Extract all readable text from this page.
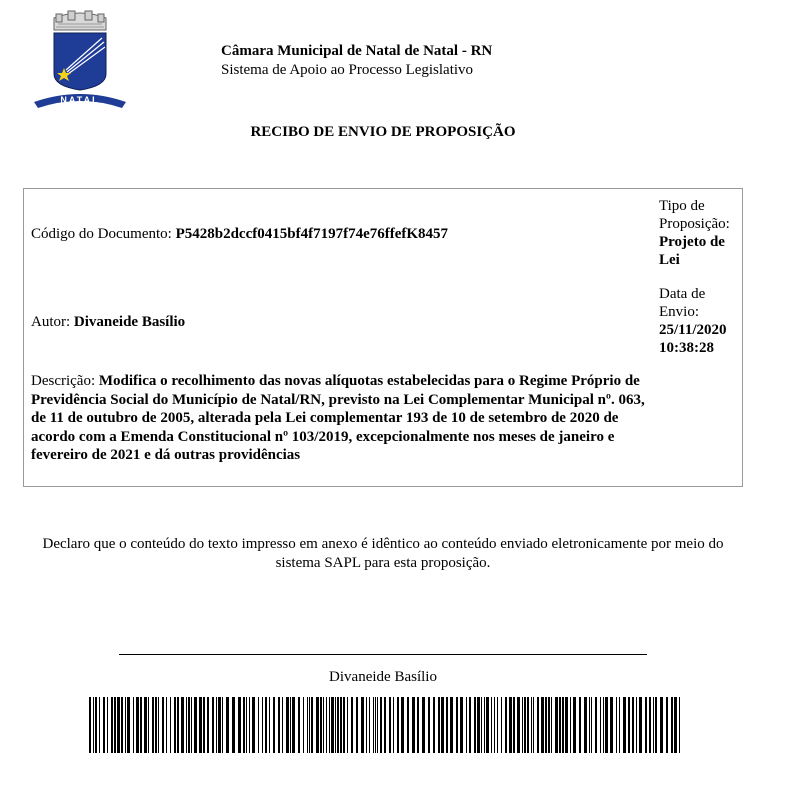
NATAL
Câmara Municipal de Natal de Natal - RN
Sistema de Apoio ao Processo Legislativo
RECIBO DE ENVIO DE PROPOSIÇÃO
Código do Documento: P5428b2dccf0415bf4f7197f74e76ffefK8457
Tipo de Proposição:
Projeto de Lei
Autor: Divaneide Basílio
Data de Envio:
25/11/2020 10:38:28
Descrição: Modifica o recolhimento das novas alíquotas estabelecidas para o Regime Próprio de Previdência Social do Município de Natal/RN, previsto na Lei Complementar Municipal nº. 063, de 11 de outubro de 2005, alterada pela Lei complementar 193 de 10 de setembro de 2020 de acordo com a Emenda Constitucional nº 103/2019, excepcionalmente nos meses de janeiro e fevereiro de 2021 e dá outras providências
Declaro que o conteúdo do texto impresso em anexo é idêntico ao conteúdo enviado eletronicamente por meio do sistema SAPL para esta proposição.
Divaneide Basílio
